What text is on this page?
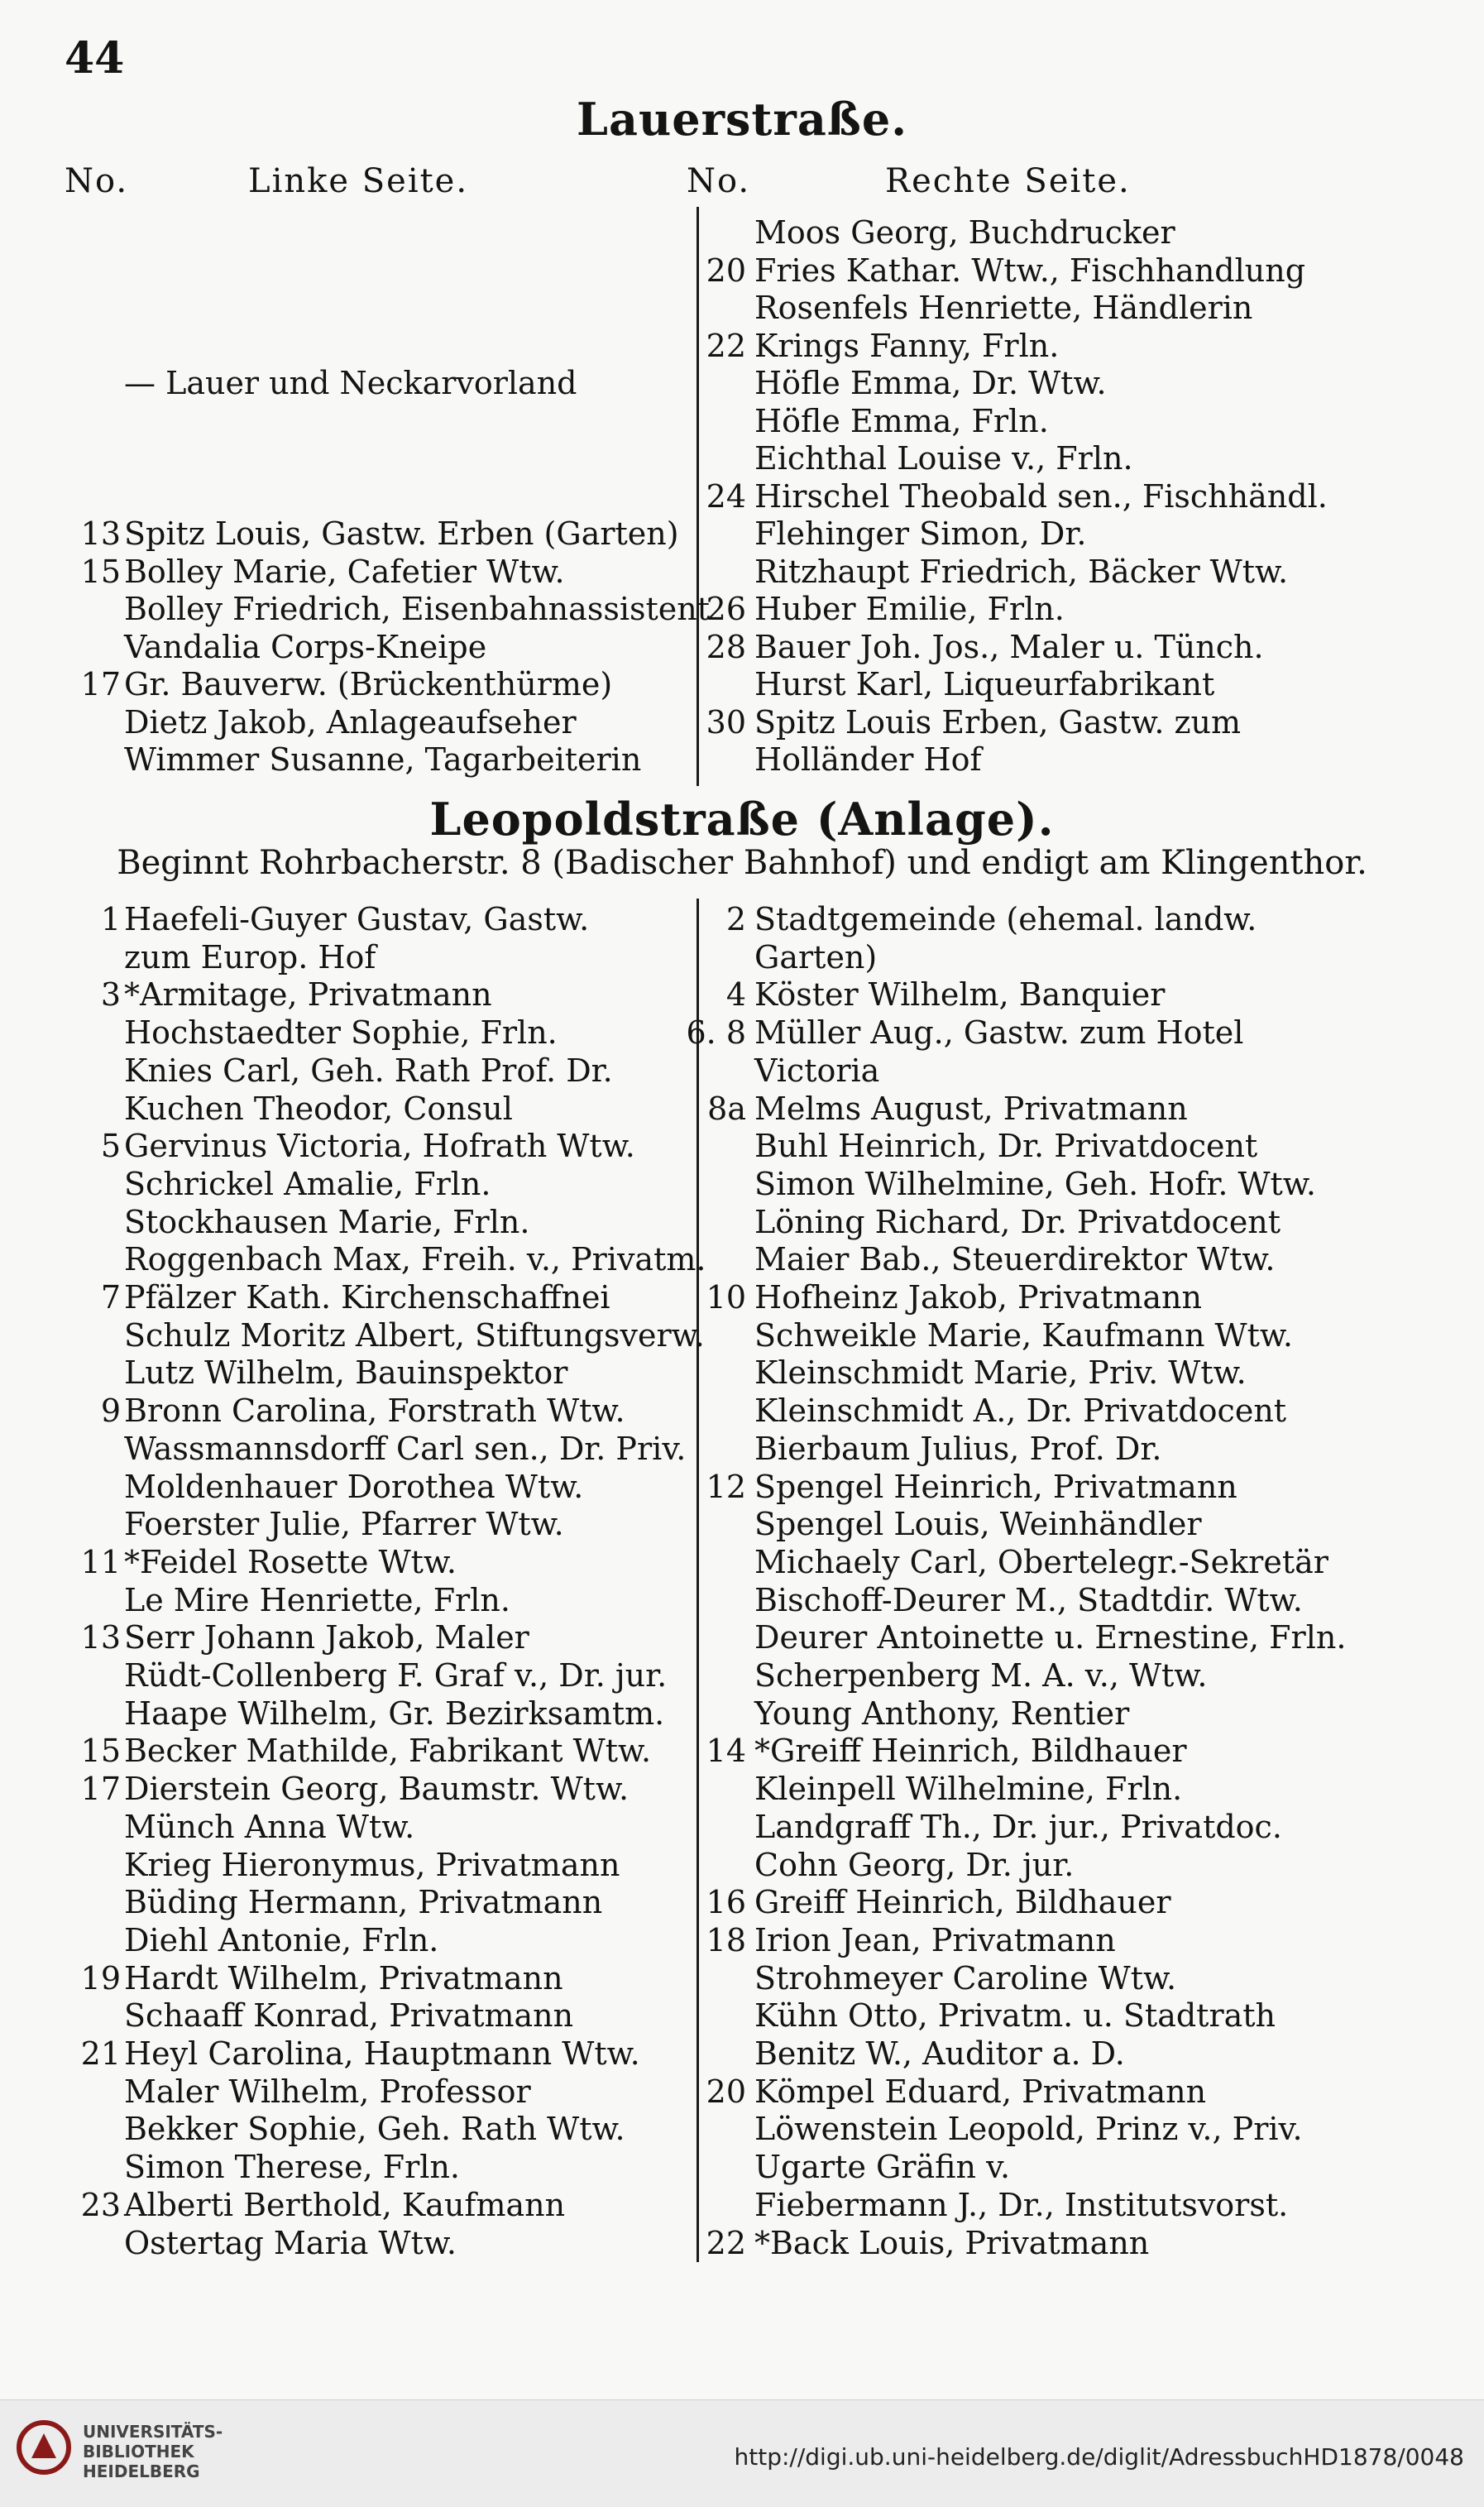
44
Lauerstraße.
No.	Linke Seite.	No.	Rechte Seite.
— Lauer und Neckarvorland
13 Spitz Louis, Gastw. Erben (Garten)
15 Bolley Marie, Cafetier Wtw.
Bolley Friedrich, Eisenbahnassistent
Vandalia Corps-Kneipe
17 Gr. Bauverw. (Brückenthürme)
Dietz Jakob, Anlageaufseher
Wimmer Susanne, Tagarbeiterin
Moos Georg, Buchdrucker
20 Fries Kathar. Wtw., Fischhandlung
Rosenfels Henriette, Händlerin
22 Krings Fanny, Frln.
Höfle Emma, Dr. Wtw.
Höfle Emma, Frln.
Eichthal Louise v., Frln.
24 Hirschel Theobald sen., Fischhändl.
Flehinger Simon, Dr.
Ritzhaupt Friedrich, Bäcker Wtw.
26 Huber Emilie, Frln.
28 Bauer Joh. Jos., Maler u. Tünch.
Hurst Karl, Liqueurfabrikant
30 Spitz Louis Erben, Gastw. zum
Holländer Hof
Leopoldstraße (Anlage).
Beginnt Rohrbacherstr. 8 (Badischer Bahnhof) und endigt am Klingenthor.
1 Haefeli-Guyer Gustav, Gastw.
zum Europ. Hof
3 *Armitage, Privatmann
Hochstaedter Sophie, Frln.
Knies Carl, Geh. Rath Prof. Dr.
Kuchen Theodor, Consul
5 Gervinus Victoria, Hofrath Wtw.
Schrickel Amalie, Frln.
Stockhausen Marie, Frln.
Roggenbach Max, Freih. v., Privatm.
7 Pfälzer Kath. Kirchenschaffnei
Schulz Moritz Albert, Stiftungsverw.
Lutz Wilhelm, Bauinspektor
9 Bronn Carolina, Forstrath Wtw.
Wassmannsdorff Carl sen., Dr. Priv.
Moldenhauer Dorothea Wtw.
Foerster Julie, Pfarrer Wtw.
11 *Feidel Rosette Wtw.
Le Mire Henriette, Frln.
13 Serr Johann Jakob, Maler
Rüdt-Collenberg F. Graf v., Dr. jur.
Haape Wilhelm, Gr. Bezirksamtm.
15 Becker Mathilde, Fabrikant Wtw.
17 Dierstein Georg, Baumstr. Wtw.
Münch Anna Wtw.
Krieg Hieronymus, Privatmann
Büding Hermann, Privatmann
Diehl Antonie, Frln.
19 Hardt Wilhelm, Privatmann
Schaaff Konrad, Privatmann
21 Heyl Carolina, Hauptmann Wtw.
Maler Wilhelm, Professor
Bekker Sophie, Geh. Rath Wtw.
Simon Therese, Frln.
23 Alberti Berthold, Kaufmann
Ostertag Maria Wtw.
2 Stadtgemeinde (ehemal. landw.
Garten)
4 Köster Wilhelm, Banquier
6. 8 Müller Aug., Gastw. zum Hotel
Victoria
8a Melms August, Privatmann
Buhl Heinrich, Dr. Privatdocent
Simon Wilhelmine, Geh. Hofr. Wtw.
Löning Richard, Dr. Privatdocent
Maier Bab., Steuerdirektor Wtw.
10 Hofheinz Jakob, Privatmann
Schweikle Marie, Kaufmann Wtw.
Kleinschmidt Marie, Priv. Wtw.
Kleinschmidt A., Dr. Privatdocent
Bierbaum Julius, Prof. Dr.
12 Spengel Heinrich, Privatmann
Spengel Louis, Weinhändler
Michaely Carl, Obertelegr.-Sekretär
Bischoff-Deurer M., Stadtdir. Wtw.
Deurer Antoinette u. Ernestine, Frln.
Scherpenberg M. A. v., Wtw.
Young Anthony, Rentier
14 *Greiff Heinrich, Bildhauer
Kleinpell Wilhelmine, Frln.
Landgraff Th., Dr. jur., Privatdoc.
Cohn Georg, Dr. jur.
16 Greiff Heinrich, Bildhauer
18 Irion Jean, Privatmann
Strohmeyer Caroline Wtw.
Kühn Otto, Privatm. u. Stadtrath
Benitz W., Auditor a. D.
20 Kömpel Eduard, Privatmann
Löwenstein Leopold, Prinz v., Priv.
Ugarte Gräfin v.
Fiebermann J., Dr., Institutsvorst.
22 *Back Louis, Privatmann
UNIVERSITÄTS-
BIBLIOTHEK
HEIDELBERG
http://digi.ub.uni-heidelberg.de/diglit/AdressbuchHD1878/0048
